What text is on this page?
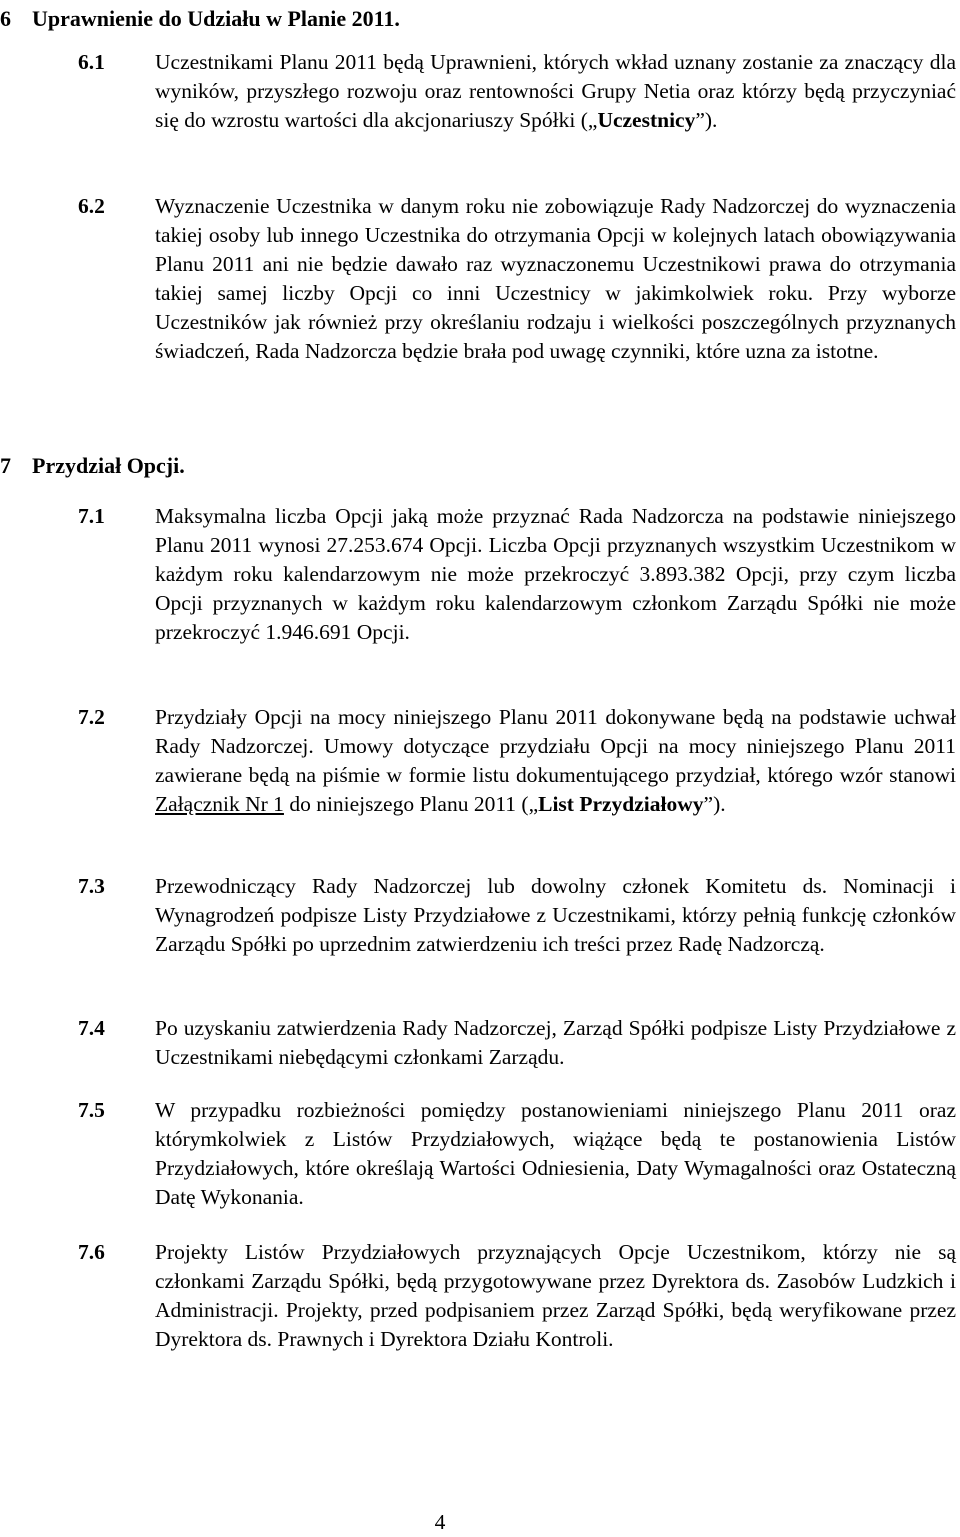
6 Uprawnienie do Udziału w Planie 2011.
6.1 Uczestnikami Planu 2011 będą Uprawnieni, których wkład uznany zostanie za znaczący dla wyników, przyszłego rozwoju oraz rentowności Grupy Netia oraz którzy będą przyczyniać się do wzrostu wartości dla akcjonariuszy Spółki („Uczestnicy”).
6.2 Wyznaczenie Uczestnika w danym roku nie zobowiązuje Rady Nadzorczej do wyznaczenia takiej osoby lub innego Uczestnika do otrzymania Opcji w kolejnych latach obowiązywania Planu 2011 ani nie będzie dawało raz wyznaczonemu Uczestnikowi prawa do otrzymania takiej samej liczby Opcji co inni Uczestnicy w jakimkolwiek roku. Przy wyborze Uczestników jak również przy określaniu rodzaju i wielkości poszczególnych przyznanych świadczeń, Rada Nadzorcza będzie brała pod uwagę czynniki, które uzna za istotne.
7 Przydział Opcji.
7.1 Maksymalna liczba Opcji jaką może przyznać Rada Nadzorcza na podstawie niniejszego Planu 2011 wynosi 27.253.674 Opcji. Liczba Opcji przyznanych wszystkim Uczestnikom w każdym roku kalendarzowym nie może przekroczyć 3.893.382 Opcji, przy czym liczba Opcji przyznanych w każdym roku kalendarzowym członkom Zarządu Spółki nie może przekroczyć 1.946.691 Opcji.
7.2 Przydziały Opcji na mocy niniejszego Planu 2011 dokonywane będą na podstawie uchwał Rady Nadzorczej. Umowy dotyczące przydziału Opcji na mocy niniejszego Planu 2011 zawierane będą na piśmie w formie listu dokumentującego przydział, którego wzór stanowi Załącznik Nr 1 do niniejszego Planu 2011 („List Przydziałowy”).
7.3 Przewodniczący Rady Nadzorczej lub dowolny członek Komitetu ds. Nominacji i Wynagrodzeń podpisze Listy Przydziałowe z Uczestnikami, którzy pełnią funkcję członków Zarządu Spółki po uprzednim zatwierdzeniu ich treści przez Radę Nadzorczą.
7.4 Po uzyskaniu zatwierdzenia Rady Nadzorczej, Zarząd Spółki podpisze Listy Przydziałowe z Uczestnikami niebędącymi członkami Zarządu.
7.5 W przypadku rozbieżności pomiędzy postanowieniami niniejszego Planu 2011 oraz którymkolwiek z Listów Przydziałowych, wiążące będą te postanowienia Listów Przydziałowych, które określają Wartości Odniesienia, Daty Wymagalności oraz Ostateczną Datę Wykonania.
7.6 Projekty Listów Przydziałowych przyznających Opcje Uczestnikom, którzy nie są członkami Zarządu Spółki, będą przygotowywane przez Dyrektora ds. Zasobów Ludzkich i Administracji. Projekty, przed podpisaniem przez Zarząd Spółki, będą weryfikowane przez Dyrektora ds. Prawnych i Dyrektora Działu Kontroli.
4
